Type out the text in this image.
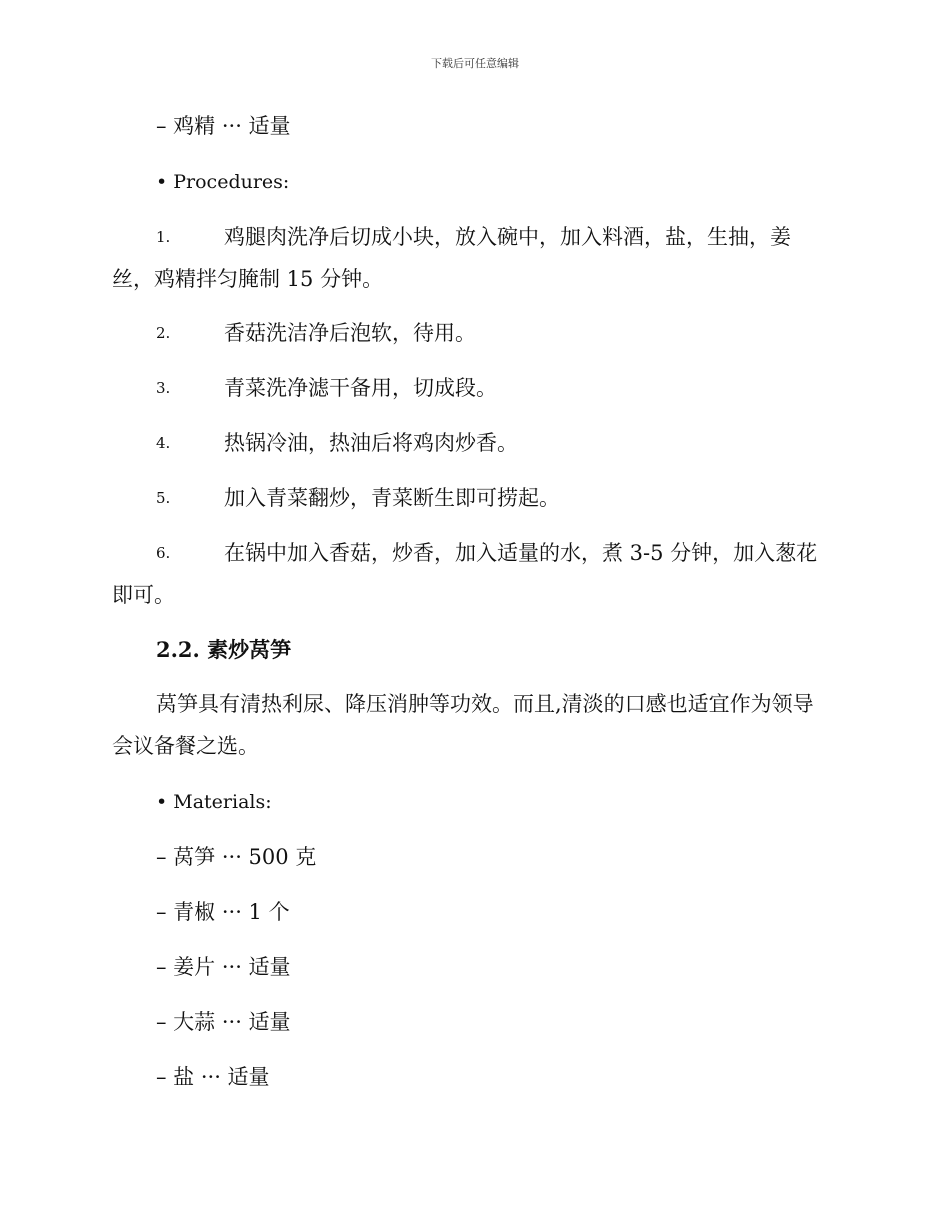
下载后可任意编辑
– 鸡精 ··· 适量
• Procedures:
1.	鸡腿肉洗净后切成小块，放入碗中，加入料酒，盐，生抽，姜
丝，鸡精拌匀腌制 15 分钟。
2.	香菇洗洁净后泡软，待用。
3.	青菜洗净滤干备用，切成段。
4.	热锅冷油，热油后将鸡肉炒香。
5.	加入青菜翻炒，青菜断生即可捞起。
6.	在锅中加入香菇，炒香，加入适量的水，煮 3-5 分钟，加入葱花
即可。
2.2. 素炒莴笋
莴笋具有清热利尿、降压消肿等功效。而且,清淡的口感也适宜作为领导
会议备餐之选。
• Materials:
– 莴笋 ··· 500 克
– 青椒 ··· 1 个
– 姜片 ··· 适量
– 大蒜 ··· 适量
– 盐 ··· 适量
